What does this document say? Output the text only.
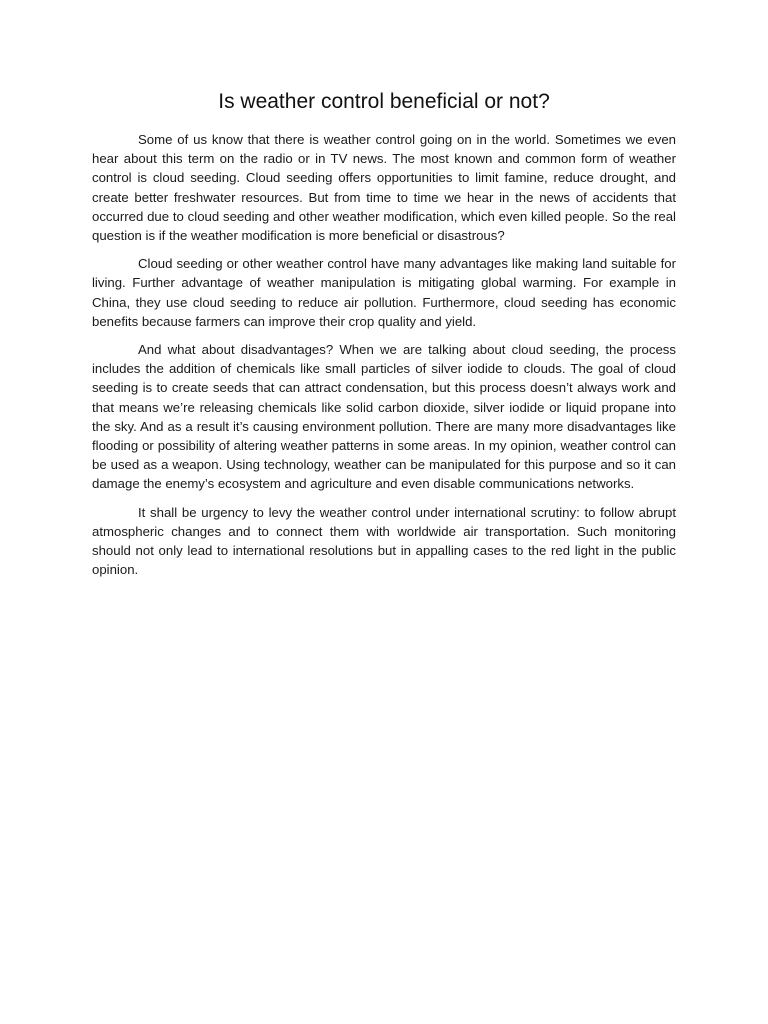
Is weather control beneficial or not?

Some of us know that there is weather control going on in the world. Sometimes we even hear about this term on the radio or in TV news. The most known and common form of weather control is cloud seeding. Cloud seeding offers opportunities to limit famine, reduce drought, and create better freshwater resources. But from time to time we hear in the news of accidents that occurred due to cloud seeding and other weather modification, which even killed people. So the real question is if the weather modification is more beneficial or disastrous?

Cloud seeding or other weather control have many advantages like making land suitable for living. Further advantage of weather manipulation is mitigating global warming. For example in China, they use cloud seeding to reduce air pollution. Furthermore, cloud seeding has economic benefits because farmers can improve their crop quality and yield.

And what about disadvantages? When we are talking about cloud seeding, the process includes the addition of chemicals like small particles of silver iodide to clouds. The goal of cloud seeding is to create seeds that can attract condensation, but this process doesn’t always work and that means we’re releasing chemicals like solid carbon dioxide, silver iodide or liquid propane into the sky. And as a result it’s causing environment pollution. There are many more disadvantages like flooding or possibility of altering weather patterns in some areas. In my opinion, weather control can be used as a weapon. Using technology, weather can be manipulated for this purpose and so it can damage the enemy’s ecosystem and agriculture and even disable communications networks.

It shall be urgency to levy the weather control under international scrutiny: to follow abrupt atmospheric changes and to connect them with worldwide air transportation. Such monitoring should not only lead to international resolutions but in appalling cases to the red light in the public opinion.
